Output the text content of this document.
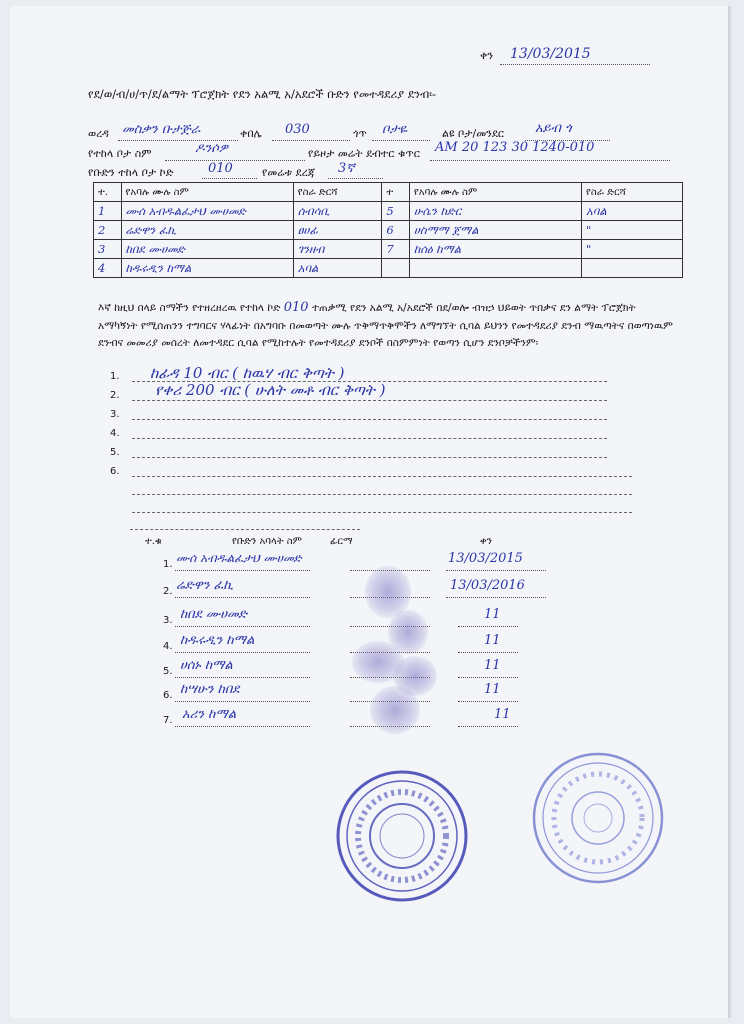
ቀን 13/03/2015
የደ/ወ/ብ/ሀ/ጥ/ደ/ልማት ፕሮጀክት የደን አልሚ አ/አደሮች ቡድን የመተዳደሪያ ደንብ፡-
ወረዳ መስቃን ቡታጅራ	ቀበሌ 030	ጎጥ ቦታዬ	ልዩ ቦታ/መንደር አይብ ጎ
የተከላ ቦታ ስም	ዶንሶዎ	የይዞታ መሬት ደብተር ቁጥር AM 20 123 30 1240-010
የቡድን ተከላ ቦታ ኮድ	010	የመሬቱ ደረጃ 3ኛ
ተ.	የአባሉ ሙሉ ስም	የስራ ድርሻ	ተ	የአባሉ ሙሉ ስም	የስራ ድርሻ
1	ሙሰ አብዱልፈታህ ሙሀመድ	ሰብሳቢ	5	ሁሴን ከድር	አባል
2	ሬድዋን ፈኪ	ፀሀፊ	6	ሀስማማ ጀማል	"
3	ከበደ ሙሀመድ	ገንዘብ	7	ከሰዕ ከማል	"
4	ከዱሩዲን ከማል	አባል			
እኛ ከዚህ በላይ ስማችን የተዘረዘረዉ የተከላ ኮድ 010 ተጠቃሚ የደን አልሚ አ/አደሮች በደ/ወሎ ብዝኃ ህይወት ጥበቃና ደን ልማት ፕሮጀክት አማካኝነት የሚሰጠንን ተግባርና ሃላፊነት በአግባቡ በመወጣት ሙሉ ጥቅማጥቅሞችን ለማግኘት ሲባል ይህንን የመተዳደሪያ ደንብ ማዉጣትና በወጣነዉም ደንብና መመሪያ መሰረት ለመተዳደር ሲባል የሚከተሉት የመተዳደሪያ ደንቦች በስምምነት የወጣን ሲሆን ደንቦቻችንም፡
1. ከፊዳ 10 ብር ( ከዉሃ ብር ቅጣት )
2. የቀሪ 200 ብር ( ሁለት መቶ ብር ቅጣት )
3.
4.
5.
6.
ተ.ቁ	የቡድን አባላት ስም	ፊርማ	ቀን
1. ሙሰ አብዱልፈታህ ሙሀመድ	13/03/2015
2. ሬድዋን ፈኪ	13/03/2016
3. ከበደ ሙሀመድ	11
4. ከዱሩዲን ከማል	11
5. ሀሰኑ ከማል	11
6. ከሣሁን ከበደ	11
7. አሪን ከማል	11
